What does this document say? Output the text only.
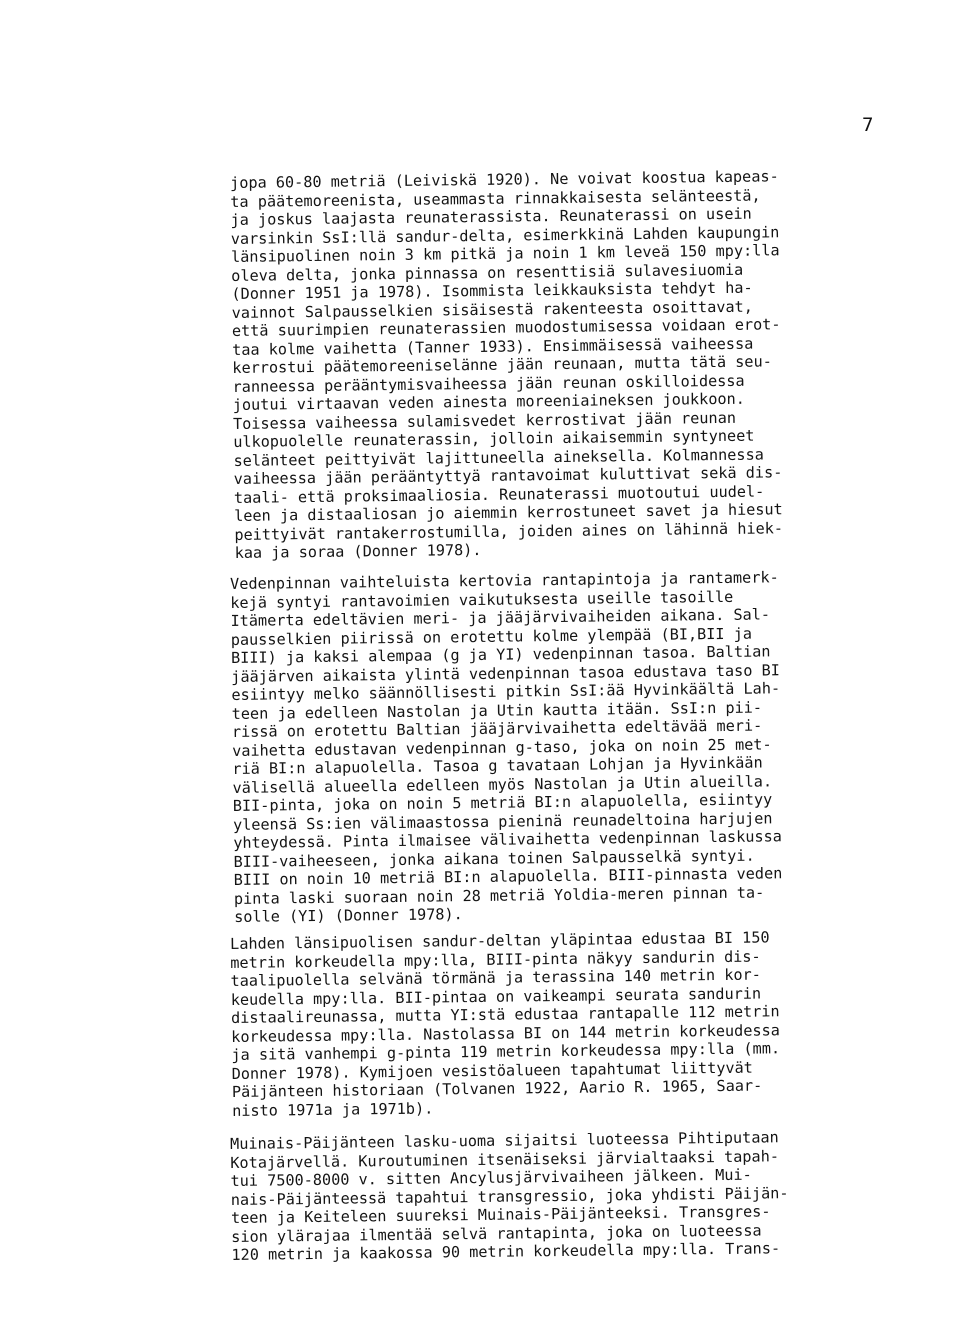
7
jopa 60-80 metriä (Leiviskä 1920). Ne voivat koostua kapeas-
ta päätemoreenista, useammasta rinnakkaisesta selänteestä,
ja joskus laajasta reunaterassista. Reunaterassi on usein
varsinkin SsI:llä sandur-delta, esimerkkinä Lahden kaupungin
länsipuolinen noin 3 km pitkä ja noin 1 km leveä 150 mpy:lla
oleva delta, jonka pinnassa on resenttisiä sulavesiuomia
(Donner 1951 ja 1978). Isommista leikkauksista tehdyt ha-
vainnot Salpausselkien sisäisestä rakenteesta osoittavat,
että suurimpien reunaterassien muodostumisessa voidaan erot-
taa kolme vaihetta (Tanner 1933). Ensimmäisessä vaiheessa
kerrostui päätemoreeniselänne jään reunaan, mutta tätä seu-
ranneessa perääntymisvaiheessa jään reunan oskilloidessa
joutui virtaavan veden ainesta moreeniaineksen joukkoon.
Toisessa vaiheessa sulamisvedet kerrostivat jään reunan
ulkopuolelle reunaterassin, jolloin aikaisemmin syntyneet
selänteet peittyivät lajittuneella aineksella. Kolmannessa
vaiheessa jään perääntyttyä rantavoimat kuluttivat sekä dis-
taali- että proksimaaliosia. Reunaterassi muotoutui uudel-
leen ja distaaliosan jo aiemmin kerrostuneet savet ja hiesut
peittyivät rantakerrostumilla, joiden aines on lähinnä hiek-
kaa ja soraa (Donner 1978).
Vedenpinnan vaihteluista kertovia rantapintoja ja rantamerk-
kejä syntyi rantavoimien vaikutuksesta useille tasoille
Itämerta edeltävien meri- ja jääjärvivaiheiden aikana. Sal-
pausselkien piirissä on erotettu kolme ylempää (BI,BII ja
BIII) ja kaksi alempaa (g ja YI) vedenpinnan tasoa. Baltian
jääjärven aikaista ylintä vedenpinnan tasoa edustava taso BI
esiintyy melko säännöllisesti pitkin SsI:ää Hyvinkäältä Lah-
teen ja edelleen Nastolan ja Utin kautta itään. SsI:n pii-
rissä on erotettu Baltian jääjärvivaihetta edeltävää meri-
vaihetta edustavan vedenpinnan g-taso, joka on noin 25 met-
riä BI:n alapuolella. Tasoa g tavataan Lohjan ja Hyvinkään
välisellä alueella edelleen myös Nastolan ja Utin alueilla.
BII-pinta, joka on noin 5 metriä BI:n alapuolella, esiintyy
yleensä Ss:ien välimaastossa pieninä reunadeltoina harjujen
yhteydessä. Pinta ilmaisee välivaihetta vedenpinnan laskussa
BIII-vaiheeseen, jonka aikana toinen Salpausselkä syntyi.
BIII on noin 10 metriä BI:n alapuolella. BIII-pinnasta veden
pinta laski suoraan noin 28 metriä Yoldia-meren pinnan ta-
solle (YI) (Donner 1978).
Lahden länsipuolisen sandur-deltan yläpintaa edustaa BI 150
metrin korkeudella mpy:lla, BIII-pinta näkyy sandurin dis-
taalipuolella selvänä törmänä ja terassina 140 metrin kor-
keudella mpy:lla. BII-pintaa on vaikeampi seurata sandurin
distaalireunassa, mutta YI:stä edustaa rantapalle 112 metrin
korkeudessa mpy:lla. Nastolassa BI on 144 metrin korkeudessa
ja sitä vanhempi g-pinta 119 metrin korkeudessa mpy:lla (mm.
Donner 1978). Kymijoen vesistöalueen tapahtumat liittyvät
Päijänteen historiaan (Tolvanen 1922, Aario R. 1965, Saar-
nisto 1971a ja 1971b).
Muinais-Päijänteen lasku-uoma sijaitsi luoteessa Pihtiputaan
Kotajärvellä. Kuroutuminen itsenäiseksi järvialtaaksi tapah-
tui 7500-8000 v. sitten Ancylusjärvivaiheen jälkeen. Mui-
nais-Päijänteessä tapahtui transgressio, joka yhdisti Päijän-
teen ja Keiteleen suureksi Muinais-Päijänteeksi. Transgres-
sion ylärajaa ilmentää selvä rantapinta, joka on luoteessa
120 metrin ja kaakossa 90 metrin korkeudella mpy:lla. Trans-
